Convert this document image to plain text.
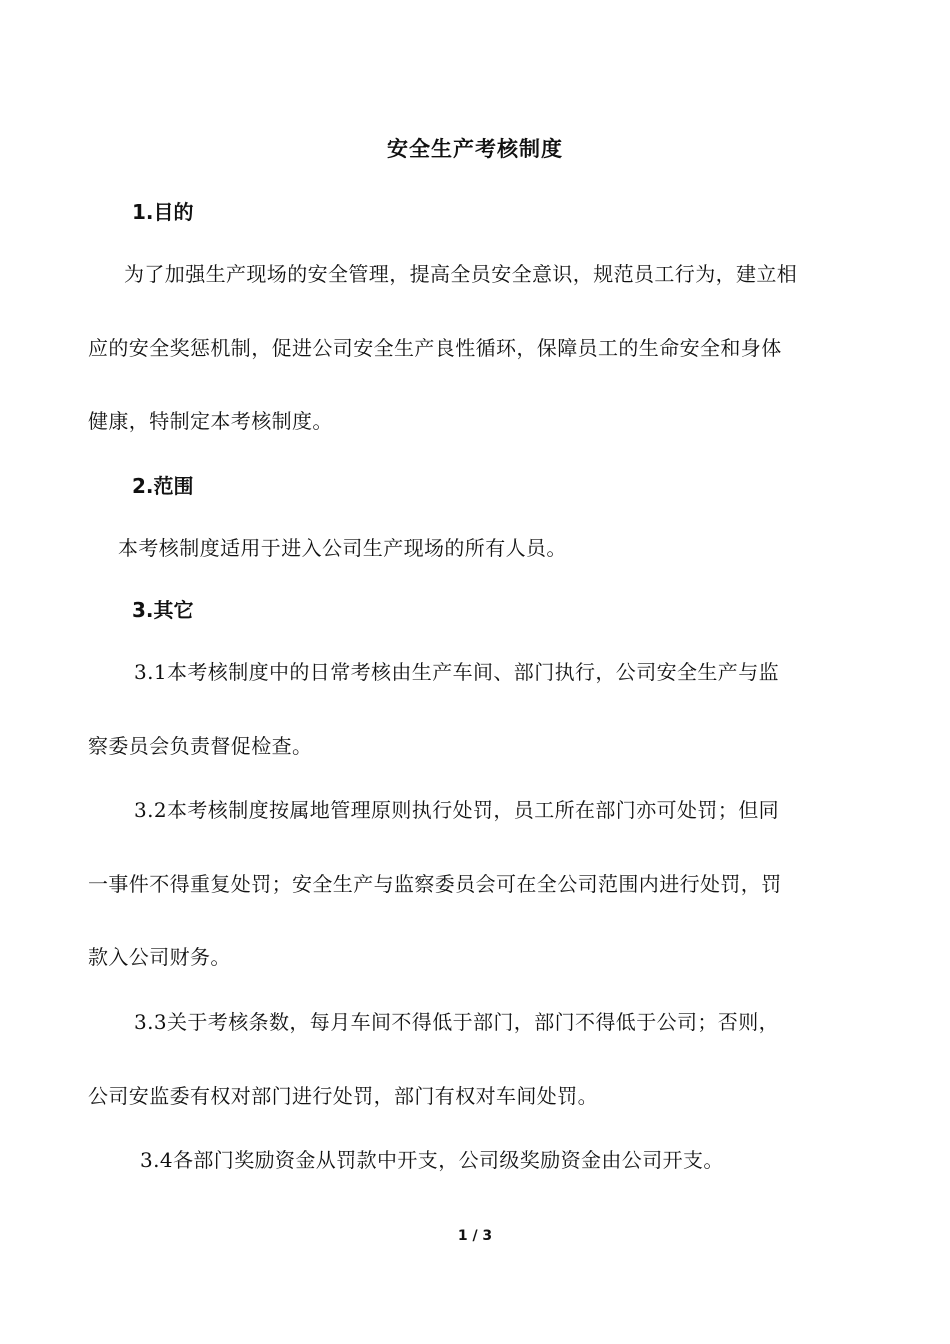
安全生产考核制度
1.目的
为了加强生产现场的安全管理，提高全员安全意识，规范员工行为，建立相
应的安全奖惩机制，促进公司安全生产良性循环，保障员工的生命安全和身体
健康，特制定本考核制度。
2.范围
本考核制度适用于进入公司生产现场的所有人员。
3.其它
3.1本考核制度中的日常考核由生产车间、部门执行，公司安全生产与监
察委员会负责督促检查。
3.2本考核制度按属地管理原则执行处罚，员工所在部门亦可处罚；但同
一事件不得重复处罚；安全生产与监察委员会可在全公司范围内进行处罚，罚
款入公司财务。
3.3关于考核条数，每月车间不得低于部门，部门不得低于公司；否则，
公司安监委有权对部门进行处罚，部门有权对车间处罚。
3.4各部门奖励资金从罚款中开支，公司级奖励资金由公司开支。
1 / 3
